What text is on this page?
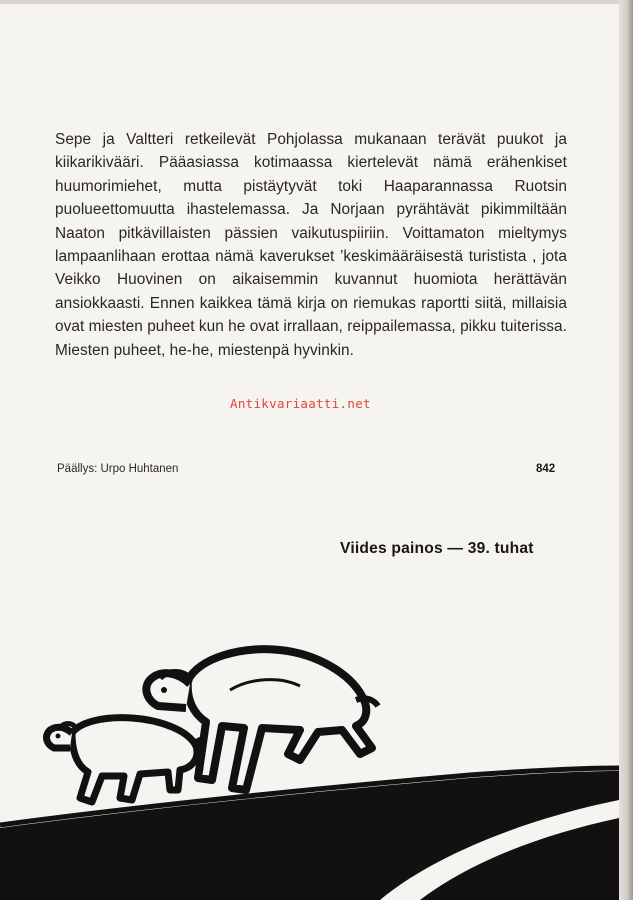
Sepe ja Valtteri retkeilevät Pohjolassa mukanaan terävät puukot ja kiikarikivääri. Pääasiassa kotimaassa kiertelevät nämä erähenkiset huumorimiehet, mutta pistäytyvät toki Haaparannassa Ruotsin puolueettomuutta ihastelemassa. Ja Norjaan pyrähtävät pikimmiltään Naaton pitkävillaisten pässien vaikutuspiiriin. Voittamaton mieltymys lampaanlihaan erottaa nämä kaverukset ’keskimääräisestä turistista , jota Veikko Huovinen on aikaisemmin kuvannut huomiota herättävän ansiokkaasti. Ennen kaikkea tämä kirja on riemukas raportti siitä, millaisia ovat miesten puheet kun he ovat irrallaan, reippailemassa, pikku tuiterissa. Miesten puheet, he-he, miestenpä hyvinkin.

Antikvariaatti.net
Päällys: Urpo Huhtanen	842
Viides painos — 39. tuhat
